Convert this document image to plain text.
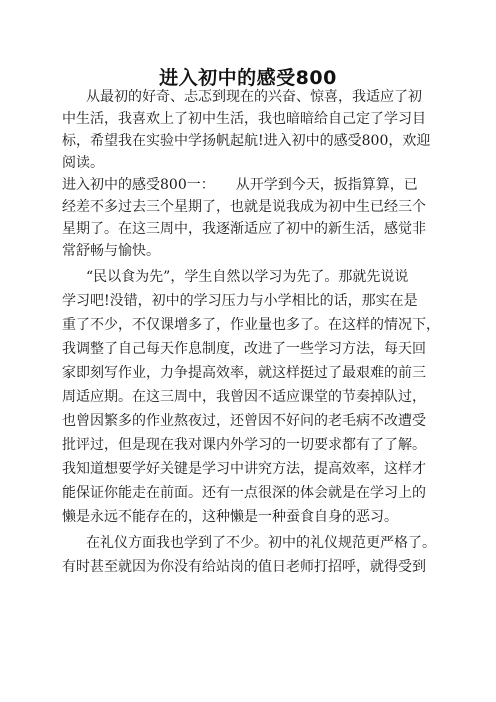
进入初中的感受800
从最初的好奇、忐忑到现在的兴奋、惊喜，我适应了初
中生活，我喜欢上了初中生活，我也暗暗给自己定了学习目
标，希望我在实验中学扬帆起航!进入初中的感受800，欢迎
阅读。
进入初中的感受800一：　　从开学到今天，扳指算算，已
经差不多过去三个星期了，也就是说我成为初中生已经三个
星期了。在这三周中，我逐渐适应了初中的新生活，感觉非
常舒畅与愉快。
“民以食为先”，学生自然以学习为先了。那就先说说
学习吧!没错，初中的学习压力与小学相比的话，那实在是
重了不少，不仅课增多了，作业量也多了。在这样的情况下，
我调整了自己每天作息制度，改进了一些学习方法，每天回
家即刻写作业，力争提高效率，就这样挺过了最艰难的前三
周适应期。在这三周中，我曾因不适应课堂的节奏掉队过，
也曾因繁多的作业熬夜过，还曾因不好问的老毛病不改遭受
批评过，但是现在我对课内外学习的一切要求都有了了解。
我知道想要学好关键是学习中讲究方法，提高效率，这样才
能保证你能走在前面。还有一点很深的体会就是在学习上的
懒是永远不能存在的，这种懒是一种蚕食自身的恶习。
在礼仪方面我也学到了不少。初中的礼仪规范更严格了。
有时甚至就因为你没有给站岗的值日老师打招呼，就得受到
